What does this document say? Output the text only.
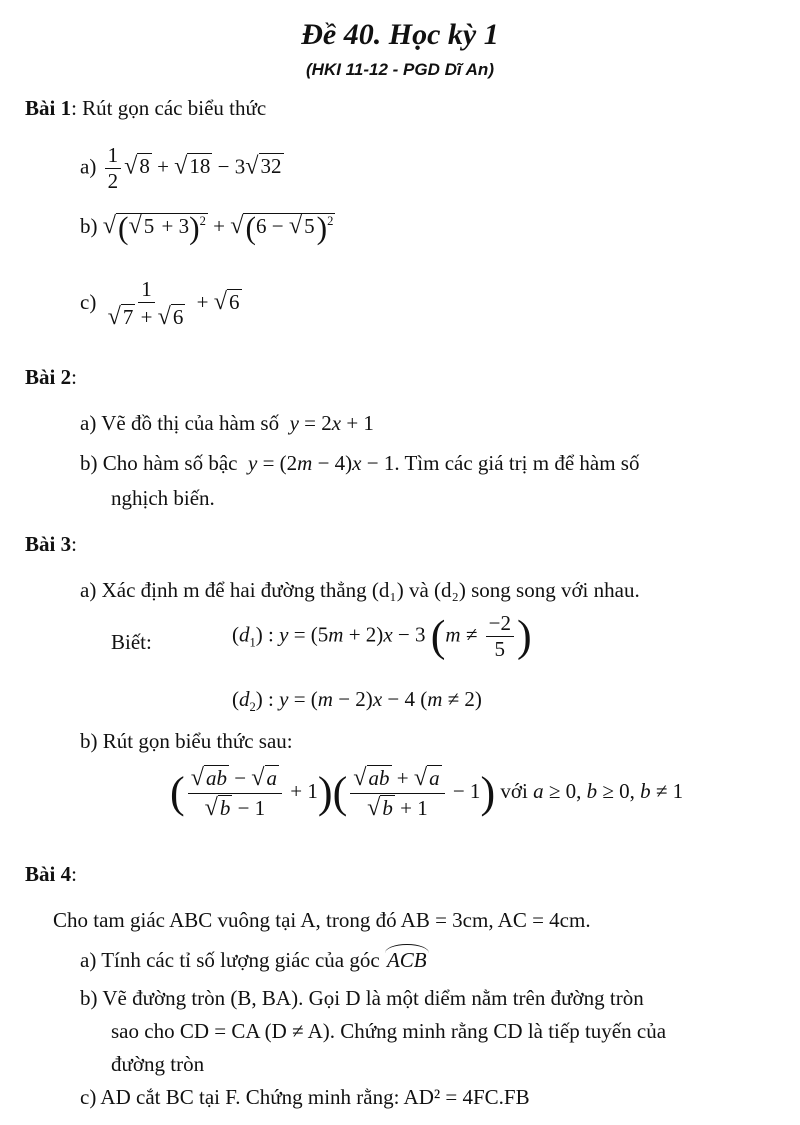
Đề 40. Học kỳ 1
(HKI 11-12 - PGD Dĩ An)
Bài 1: Rút gọn các biểu thức
$a) \frac{1}{2} √8 + √18 - 3√32$
b) $√(√5 + 3)^2 + √(6 - √5)^2$
$c) \frac{1}{√7 + √6} + √6$
Bài 2:
a) Vẽ đồ thị của hàm số  y = 2x + 1
b) Cho hàm số bậc  y = (2m − 4)x − 1. Tìm các giá trị m để hàm số
nghịch biến.
Bài 3:
a) Xác định m để hai đường thẳng (d₁) và (d₂) song song với nhau.
Biết:	$(d_1)$ : y = (5m + 2)x − 3 ($m \ne \frac{-2}{5}$ )
$(d_2)$ : y = (m − 2)x − 4 (m ≠ 2)
b) Rút gọn biểu thức sau:
( $\frac{√ab - √a}{√b - 1} + 1)( \frac{√ab + √a}{√b + 1} - 1)$ với a ≥ 0, b ≥ 0, b ≠ 1
Bài 4:
Cho tam giác ABC vuông tại A, trong đó AB = 3cm, AC = 4cm.
a) Tính các tỉ số lượng giác của góc ACB
b) Vẽ đường tròn (B, BA). Gọi D là một diểm nằm trên đường tròn
sao cho CD = CA (D ≠ A). Chứng minh rằng CD là tiếp tuyến của
đường tròn
c) AD cắt BC tại F. Chứng minh rằng: AD² = 4FC.FB
